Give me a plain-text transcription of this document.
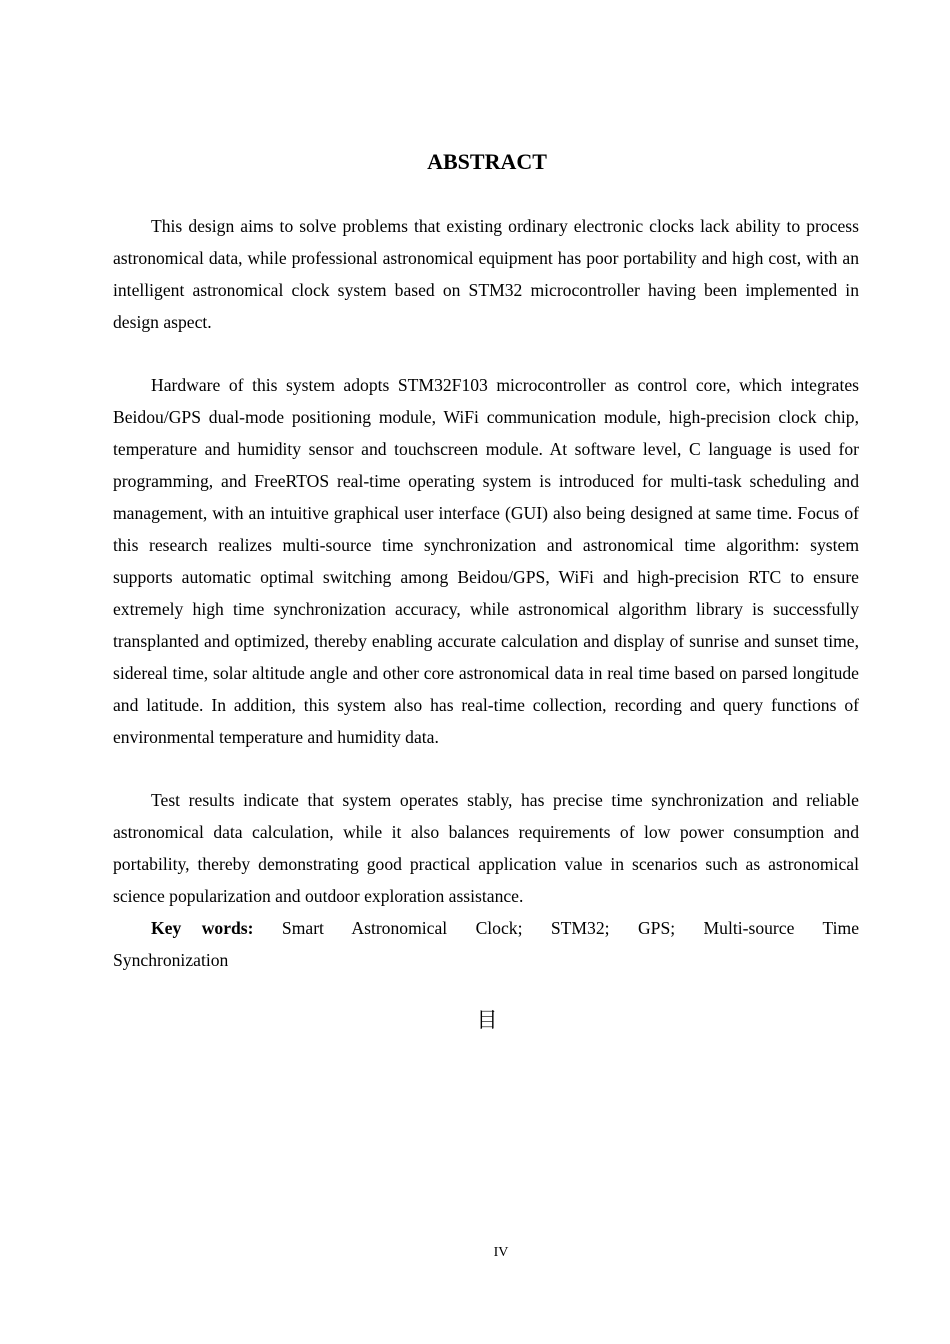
ABSTRACT

This design aims to solve problems that existing ordinary electronic clocks lack ability to process astronomical data, while professional astronomical equipment has poor portability and high cost, with an intelligent astronomical clock system based on STM32 microcontroller having been implemented in design aspect.

Hardware of this system adopts STM32F103 microcontroller as control core, which integrates Beidou/GPS dual-mode positioning module, WiFi communication module, high-precision clock chip, temperature and humidity sensor and touchscreen module. At software level, C language is used for programming, and FreeRTOS real-time operating system is introduced for multi-task scheduling and management, with an intuitive graphical user interface (GUI) also being designed at same time. Focus of this research realizes multi-source time synchronization and astronomical time algorithm: system supports automatic optimal switching among Beidou/GPS, WiFi and high-precision RTC to ensure extremely high time synchronization accuracy, while astronomical algorithm library is successfully transplanted and optimized, thereby enabling accurate calculation and display of sunrise and sunset time, sidereal time, solar altitude angle and other core astronomical data in real time based on parsed longitude and latitude. In addition, this system also has real-time collection, recording and query functions of environmental temperature and humidity data.

Test results indicate that system operates stably, has precise time synchronization and reliable astronomical data calculation, while it also balances requirements of low power consumption and portability, thereby demonstrating good practical application value in scenarios such as astronomical science popularization and outdoor exploration assistance.

Key words: Smart Astronomical Clock; STM32; GPS; Multi-source Time Synchronization

目
IV
